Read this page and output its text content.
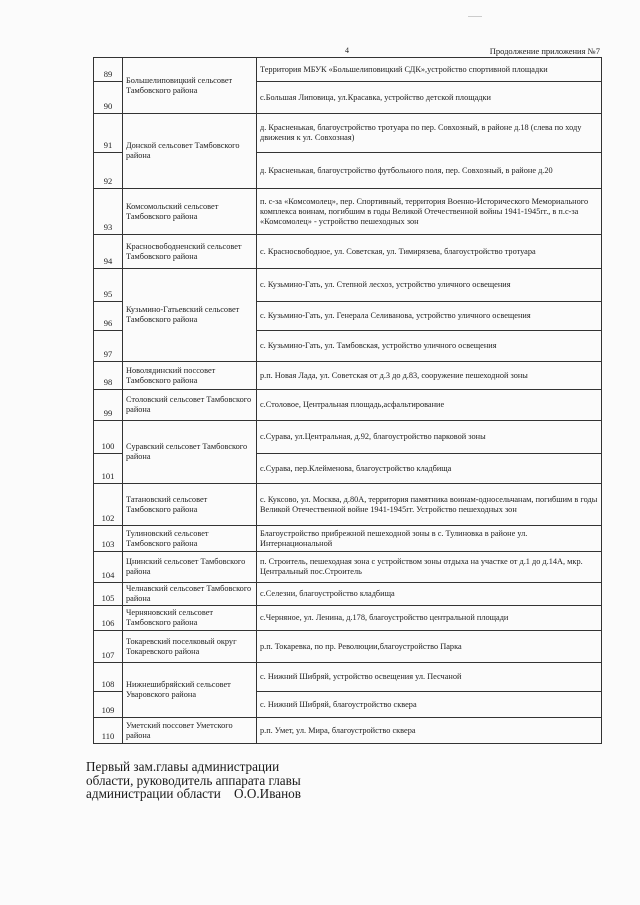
4	Продолжение приложения №7
89	Большелиповицкий сельсовет Тамбовского района	Территория МБУК «Большелиповицкий СДК»,устройство спортивной площадки
90		с.Большая Липовица, ул.Красавка, устройство детской площадки
91	Донской сельсовет Тамбовского района	д. Красненькая, благоустройство тротуара по пер. Совхозный, в районе д.18 (слева по ходу движения к ул. Совхозная)
92		д. Красненькая, благоустройство футбольного поля, пер. Совхозный, в районе д.20
93	Комсомольский сельсовет Тамбовского района	п. с-за «Комсомолец», пер. Спортивный, территория Военно-Исторического Мемориального комплекса воинам, погибшим в годы Великой Отечественной войны 1941-1945гг., в п.с-за «Комсомолец» - устройство пешеходных зон
94	Красносвободненский сельсовет Тамбовского района	с. Красносвободное, ул. Советская, ул. Тимирязева, благоустройство тротуара
95	Кузьмино-Гатьевский сельсовет Тамбовского района	с. Кузьмино-Гать, ул. Степной лесхоз, устройство уличного освещения
96		с. Кузьмино-Гать, ул. Генерала Селиванова, устройство уличного освещения
97		с. Кузьмино-Гать, ул. Тамбовская, устройство уличного освещения
98	Новолядинский поссовет Тамбовского района	р.п. Новая Лада, ул. Советская от д.3 до д.83, сооружение пешеходной зоны
99	Столовский сельсовет Тамбовского района	с.Столовое, Центральная площадь,асфальтирование
100	Суравский сельсовет Тамбовского района	с.Сурава, ул.Центральная, д.92, благоустройство парковой зоны
101		с.Сурава, пер.Клейменова, благоустройство кладбища
102	Татановский сельсовет Тамбовского района	с. Куксово, ул. Москва, д.80А, территория памятника воинам-односельчанам, погибшим в годы Великой Отечественной войне 1941-1945гг. Устройство пешеходных зон
103	Тулиновский сельсовет Тамбовского района	Благоустройство прибрежной пешеходной зоны в с. Тулиновка в районе ул. Интернациональной
104	Цнинский сельсовет Тамбовского района	п. Строитель, пешеходная зона с устройством зоны отдыха на участке от д.1 до д.14А, мкр. Центральный пос.Строитель
105	Челнавский сельсовет Тамбовского района	с.Селезни, благоустройство кладбища
106	Черняновский сельсовет Тамбовского района	с.Черняное, ул. Ленина, д.178, благоустройство центральной площади
107	Токаревский поселковый округ Токаревского района	р.п. Токаревка, по пр. Революции,благоустройство Парка
108	Нижнешибряйский сельсовет Уваровского района	с. Нижний Шибряй, устройство освещения ул. Песчаной
109		с. Нижний Шибряй, благоустройство сквера
110	Уметский поссовет Уметского района	р.п. Умет, ул. Мира, благоустройство сквера
Первый зам.главы администрации
области, руководитель аппарата главы
администрации области    О.О.Иванов
